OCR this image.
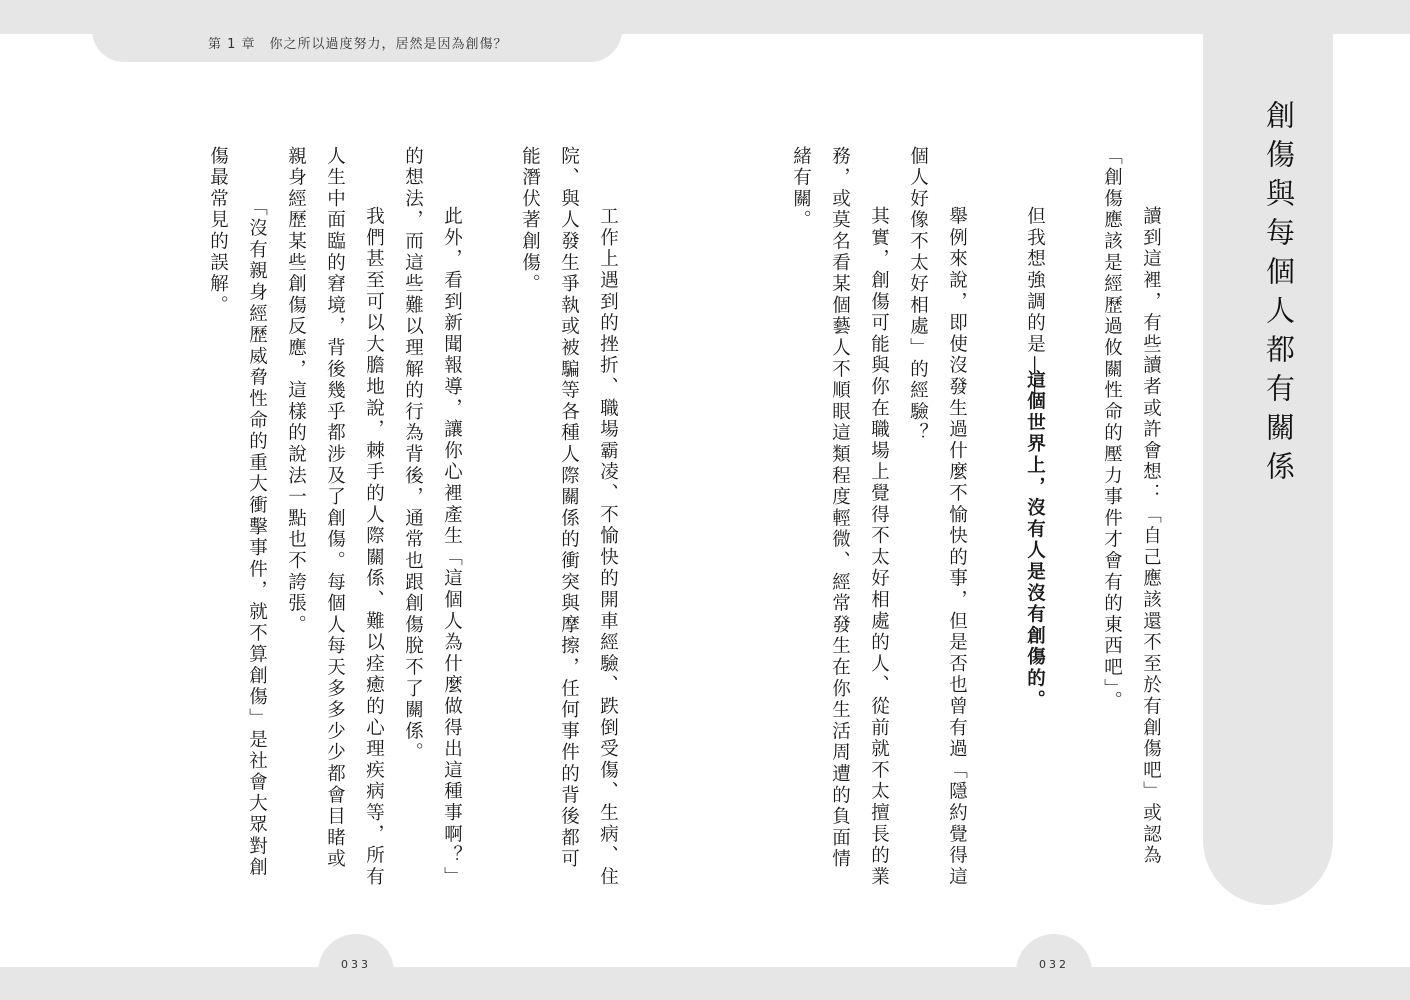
第 1 章　你之所以過度努力，居然是因為創傷？
創傷與每個人都有關係
　讀到這裡，有些讀者或許會想：「自己應該還不至於有創傷吧」或認為
「創傷應該是經歷過攸關性命的壓力事件才會有的東西吧」。
　但我想強調的是——
這個世界上，沒有人是沒有創傷的。
　舉例來說，即使沒發生過什麼不愉快的事，但是否也曾有過「隱約覺得這
個人好像不太好相處」的經驗？
　其實，創傷可能與你在職場上覺得不太好相處的人、從前就不太擅長的業
務，或莫名看某個藝人不順眼這類程度輕微、經常發生在你生活周遭的負面情
緒有關。
　工作上遇到的挫折、職場霸凌、不愉快的開車經驗、跌倒受傷、生病、住
院、與人發生爭執或被騙等各種人際關係的衝突與摩擦，任何事件的背後都可
能潛伏著創傷。
　此外，看到新聞報導，讓你心裡產生「這個人為什麼做得出這種事啊？」
的想法，而這些難以理解的行為背後，通常也跟創傷脫不了關係。
　我們甚至可以大膽地說，棘手的人際關係、難以痊癒的心理疾病等，所有
人生中面臨的窘境，背後幾乎都涉及了創傷。每個人每天多多少少都會目睹或
親身經歷某些創傷反應，這樣的說法一點也不誇張。
　「沒有親身經歷威脅性命的重大衝擊事件，就不算創傷」是社會大眾對創
傷最常見的誤解。
033	032
